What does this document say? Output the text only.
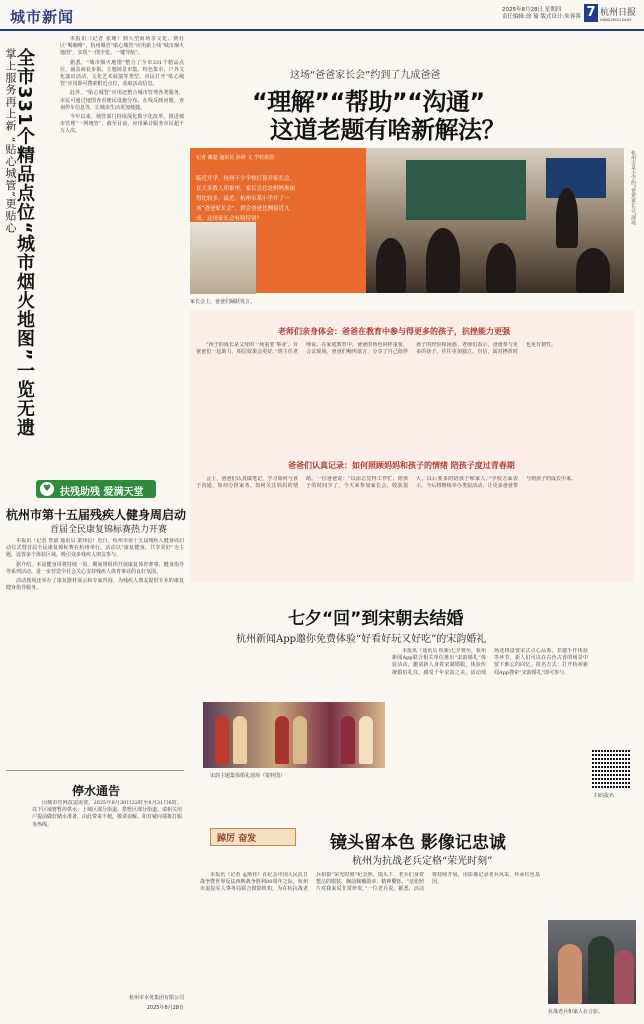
城市新闻	2025年8月28日 星期四
责任编辑:徐 瑜 版式设计:朱蓉蓉 7 杭州日报
HANGZHOU DAILY
全市331个精品点位“城市烟火地图”一览无遗
掌上服务再上新 “贴心城管”更贴心

本报讯（记者 张瑾）到大型商场享文化、到社区“喝咖啡”，杭州城管“贴心城管”应用新上线“城市烟火地图”，实现“一图全览、一键导航”。

据悉，“城市烟火地图”整合了全市331个精品点位，涵盖商业步街、主题场景市集、特色集市、户外文化演出活动、文化艺术展演等类型。市民打开“贴心城管”应用即可搜索附近点位，获取活动信息。

此外，“贴心城管”应用还整合城市管理各类服务，市民可通过地图查看便民设施分布、在线反映问题、查询停车信息等，让城市生活更加便捷。

今年以来，城管部门持续深化数字化改革，推进城市管理“一网统管”，截至目前，应用累计服务市民超千万人次。

扶残助残 爱满天堂
♥
杭州市第十五届残疾人健身周启动
首届全民康复锦标赛热力开赛

本报讯（记者 曾淑 通讯员 萧伟信）近日，杭州市第十五届残疾人健身周启动仪式暨首届全民康复锦标赛在杭州举行。活动以“康复健身、共享美好”为主题，设置多个体验区域，吸引众多残疾人朋友参与。

据介绍，本届健身周将持续一周，期间将组织开展康复体育赛事、健身指导等系列活动，进一步营造全社会关心支持残疾人体育事业的良好氛围。

活动现场还举办了康复器材展示和专家咨询，为残疾人朋友提供专业的康复健身指导服务。

停水通告

因城市管网改造需要，2025年8月30日22时至8月31日6时，以下区域将暂停供水：上城区部分街道、拱墅区部分街道。请相关用户提前做好储水准备，由此带来不便，敬请谅解。如有疑问请拨打服务热线。

杭州市水务集团有限公司
2025年8月28日
这场“爸爸家长会”约到了九成爸爸
“理解”“帮助”“沟通”
这道老题有啥新解法？
记者 戴楚 通讯员 孙婷 文 学校供图
临近开学，杭州不少学校打算开家长会。在大多数人印象里，家长会总是妈妈参加得比较多。最近，杭州市某小学开了一场“爸爸家长会”，到会爸爸比例接近九成。这场家长会有啥特别？	杭州市某小学的“爸爸家长会”现场
家长会上，爸爸们踊跃发言。
老师们亲身体会：爸爸在教育中参与得更多的孩子，抗挫能力更强

“孩子的成长是父母的一场重要‘事业’，有爸爸们一起助力，相信效果会更好。”班主任老师说。在家庭教育中，爸爸的角色同样重要，会议现场，爸爸们畅所欲言，分享了自己陪伴孩子的经验和困惑。老师们表示，爸爸参与更多的孩子，往往更加独立、自信，面对挫折时也更有韧性。

爸爸们认真记录：如何照顾妈妈和孩子的情绪 陪孩子度过青春期

会上，爸爸们认真做笔记，学习如何与孩子沟通、如何分担家务、如何关注妈妈的情绪。一位爸爸说：“以前总觉得工作忙，陪孩子的时间少了，今天来参加家长会，收获很大，以后要多陪陪孩子和家人。”学校方面表示，今后将继续举办类似活动，让更多爸爸参与到孩子的成长中来。

七夕“回”到宋朝去结婚
杭州新闻App邀你免费体验“好看好玩又好吃”的宋韵婚礼
宋韵主题集体婚礼现场（资料图）

本报讯（通讯员 杭新)七夕将至，杭州新闻App联合相关单位推出“宋韵婚礼”体验活动，邀请新人身着宋制婚服，体验传统婚俗礼仪，感受千年宋韵之美。活动现场还将设置宋式点心品鉴、非遗手作体验等环节，新人们可以在古色古香的场景中留下难忘的回忆。报名方式：打开杭州新闻App搜索“宋韵婚礼”即可参与。

扫码报名
踔厉 奋发	镜头留本色 影像记忠诚
杭州为抗战老兵定格“荣光时刻”

本报讯（记者 孟斯佳）在纪念中国人民抗日战争暨世界反法西斯战争胜利80周年之际，杭州市退役军人事务局联合摄影机构，为在杭抗战老兵拍摄“荣光时刻”纪念照。镜头下，老兵们身着整洁的服装，胸前佩戴勋章，精神矍铄。“这张照片对我来说非常珍贵。”一位老兵说。据悉，活动将持续开展，用影像记录老兵风采，传承红色基因。

抗战老兵和家人在合影。
